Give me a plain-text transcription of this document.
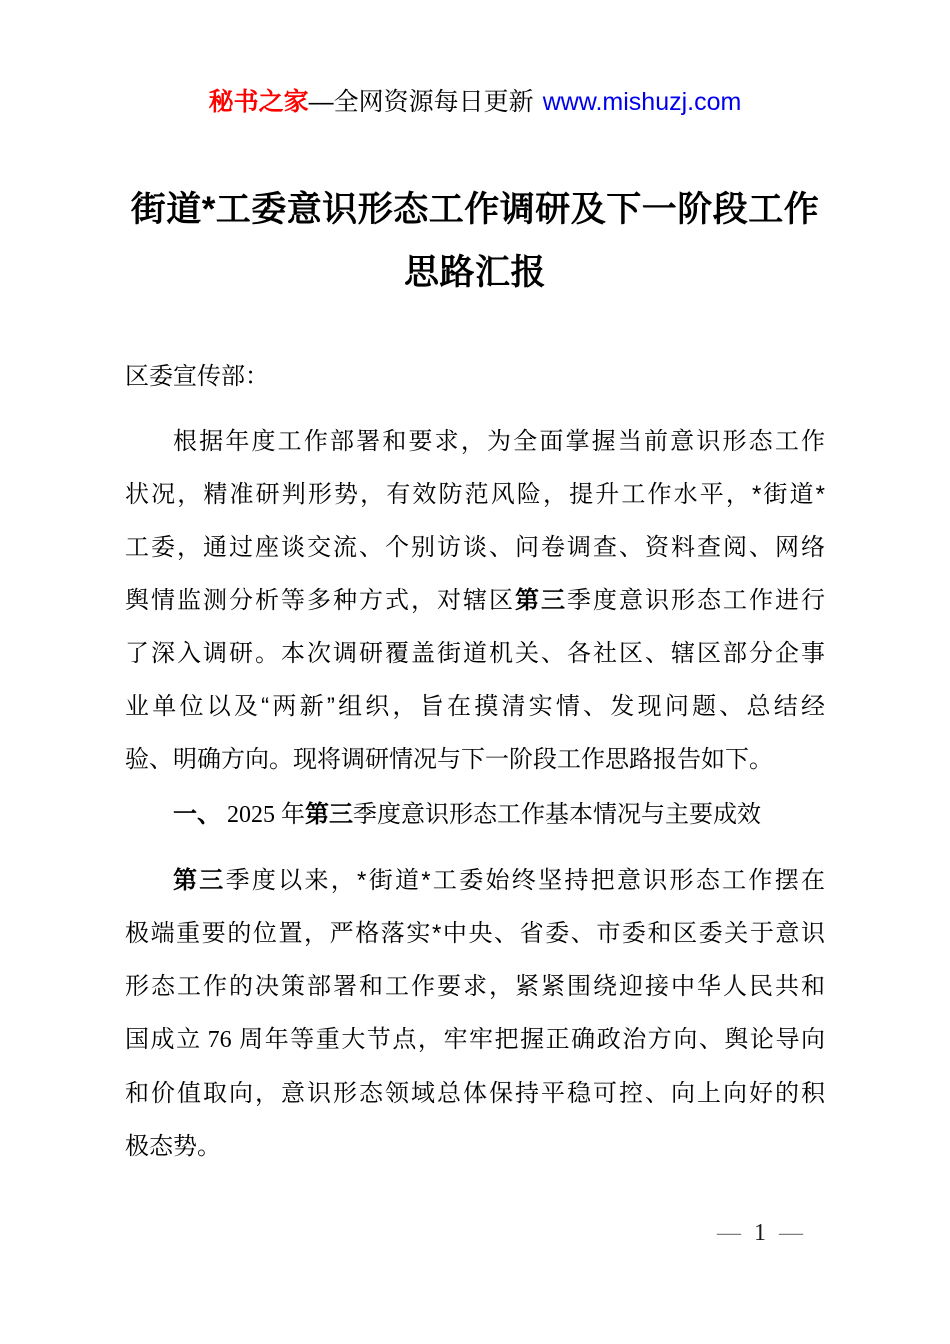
秘书之家—全网资源每日更新 www.mishuzj.com
街道*工委意识形态工作调研及下一阶段工作
思路汇报
区委宣传部：
根据年度工作部署和要求，为全面掌握当前意识形态工作
状况，精准研判形势，有效防范风险，提升工作水平，*街道*
工委，通过座谈交流、个别访谈、问卷调查、资料查阅、网络
舆情监测分析等多种方式，对辖区第三季度意识形态工作进行
了深入调研。本次调研覆盖街道机关、各社区、辖区部分企事
业单位以及“两新”组织，旨在摸清实情、发现问题、总结经
验、明确方向。现将调研情况与下一阶段工作思路报告如下。
一、 2025 年第三季度意识形态工作基本情况与主要成效
第三季度以来，*街道*工委始终坚持把意识形态工作摆在
极端重要的位置，严格落实*中央、省委、市委和区委关于意识
形态工作的决策部署和工作要求，紧紧围绕迎接中华人民共和
国成立 76 周年等重大节点，牢牢把握正确政治方向、舆论导向
和价值取向，意识形态领域总体保持平稳可控、向上向好的积
极态势。
— 1 —
